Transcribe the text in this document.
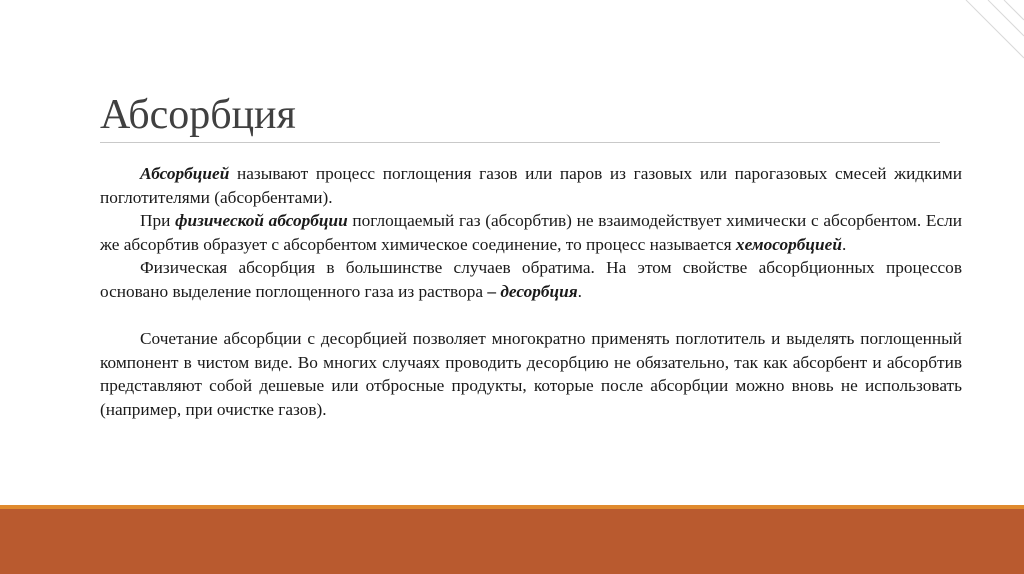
Абсорбция

Абсорбцией называют процесс поглощения газов или паров из газовых или парогазовых смесей жидкими поглотителями (абсорбентами).

При физической абсорбции поглощаемый газ (абсорбтив) не взаимодействует химически с абсорбентом. Если же абсорбтив образует с абсорбентом химическое соединение, то процесс называется хемосорбцией.

Физическая абсорбция в большинстве случаев обратима. На этом свойстве абсорбционных процессов основано выделение поглощенного газа из раствора – десорбция.

Сочетание абсорбции с десорбцией позволяет многократно применять поглотитель и выделять поглощенный компонент в чистом виде. Во многих случаях проводить десорбцию не обязательно, так как абсорбент и абсорбтив представляют собой дешевые или отбросные продукты, которые после абсорбции можно вновь не использовать (например, при очистке газов).
